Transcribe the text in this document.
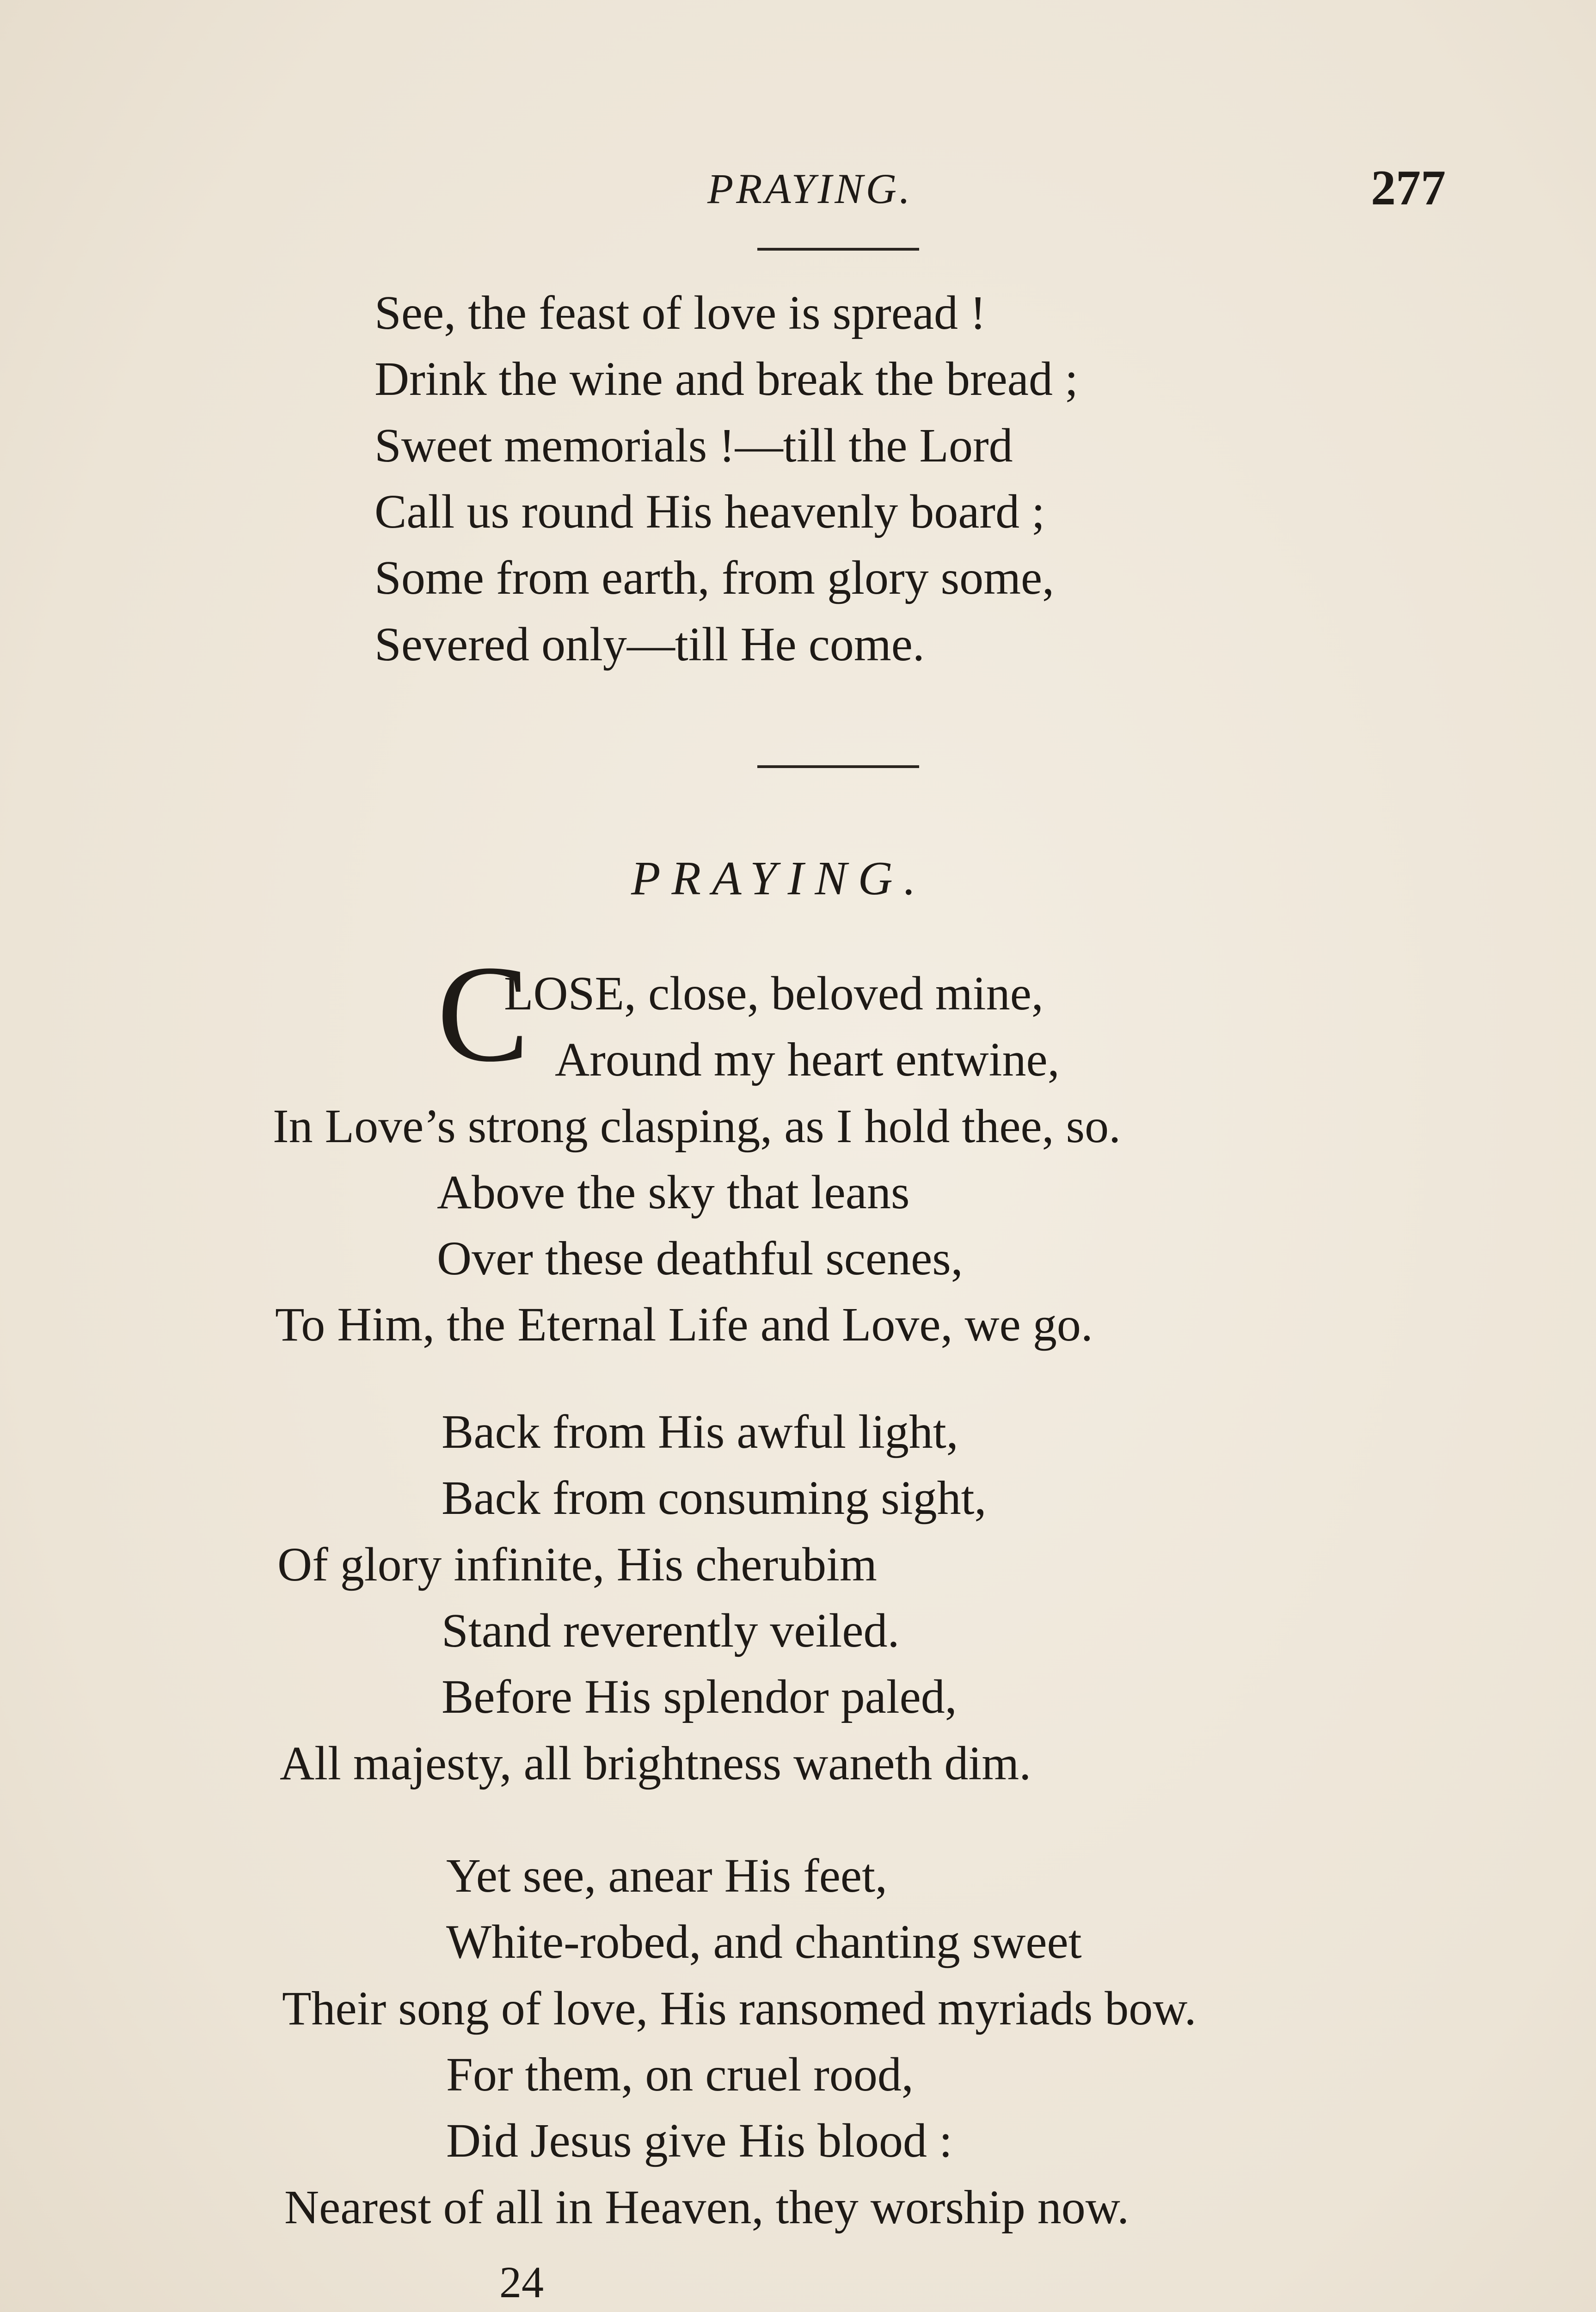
PRAYING.	277
See, the feast of love is spread !
Drink the wine and break the bread ;
Sweet memorials !—till the Lord
Call us round His heavenly board ;
Some from earth, from glory some,
Severed only—till He come.
PRAYING.
C
LOSE, close, beloved mine,
Around my heart entwine,
In Love’s strong clasping, as I hold thee, so.
Above the sky that leans
Over these deathful scenes,
To Him, the Eternal Life and Love, we go.
Back from His awful light,
Back from consuming sight,
Of glory infinite, His cherubim
Stand reverently veiled.
Before His splendor paled,
All majesty, all brightness waneth dim.
Yet see, anear His feet,
White-robed, and chanting sweet
Their song of love, His ransomed myriads bow.
For them, on cruel rood,
Did Jesus give His blood :
Nearest of all in Heaven, they worship now.
24
